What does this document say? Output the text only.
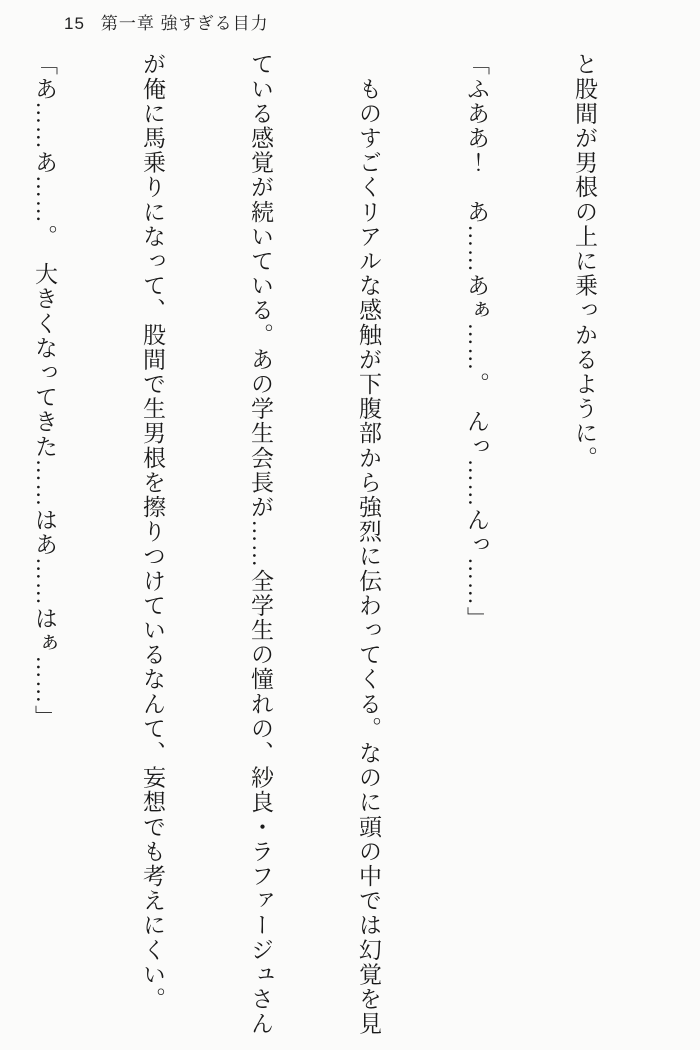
15 第一章 強すぎる目力

と股間が男根の上に乗っかるように。

「ふああ！　あ……あぁ……。　んっ……んっ……」

　ものすごくリアルな感触が下腹部から強烈に伝わってくる。なのに頭の中では幻覚を見

ている感覚が続いている。あの学生会長が……全学生の憧れの、紗良・ラファージュさん

が俺に馬乗りになって、股間で生男根を擦りつけているなんて、妄想でも考えにくい。

「あ……あ……。　大きくなってきた……はあ……はぁ……」
